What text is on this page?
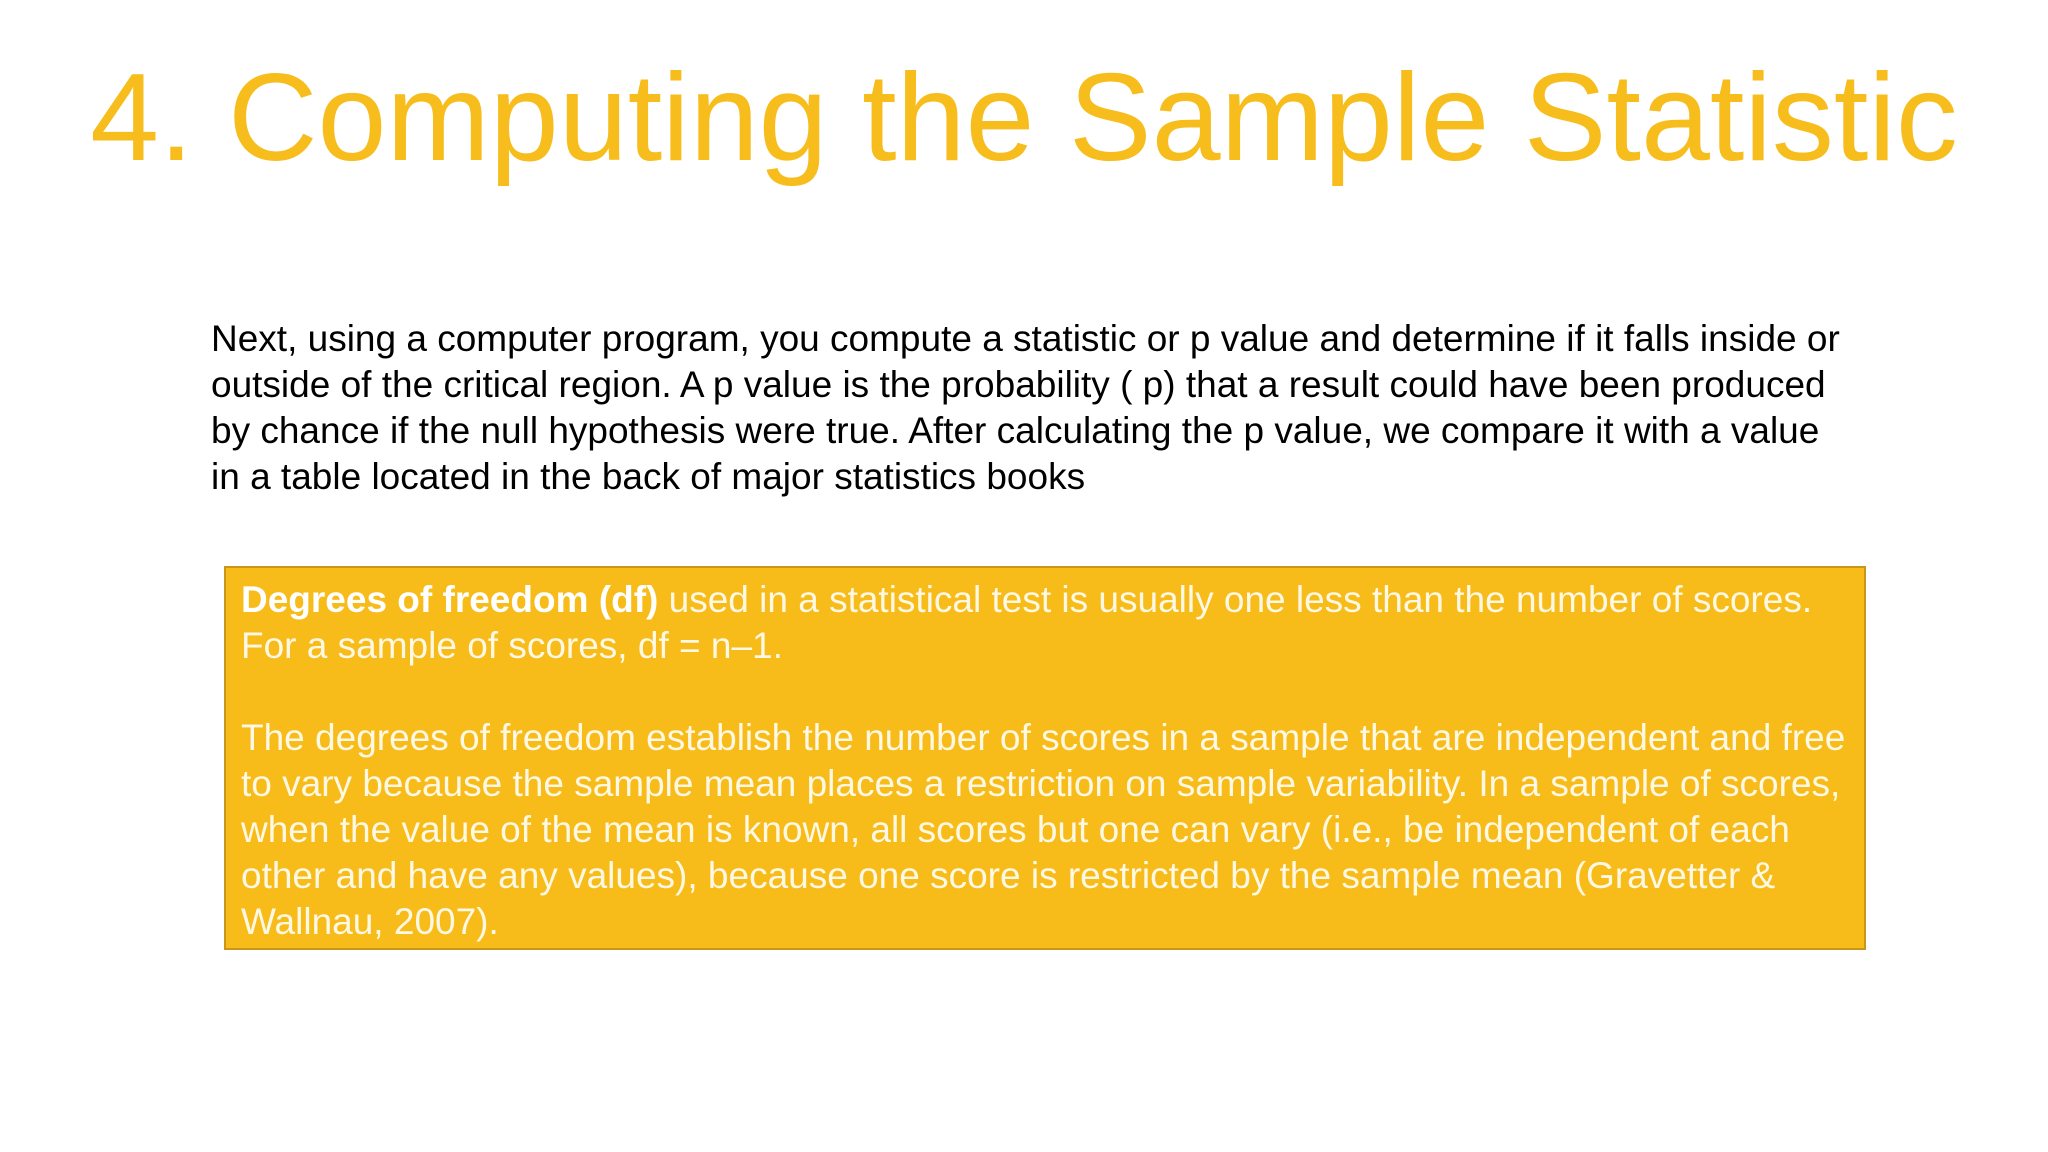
4. Computing the Sample Statistic

Next, using a computer program, you compute a statistic or p value and determine if it falls inside or outside of the critical region. A p value is the probability ( p) that a result could have been produced by chance if the null hypothesis were true. After calculating the p value, we compare it with a value in a table located in the back of major statistics books

Degrees of freedom (df) used in a statistical test is usually one less than the number of scores. For a sample of scores, df = n–1.

The degrees of freedom establish the number of scores in a sample that are independent and free to vary because the sample mean places a restriction on sample variability. In a sample of scores, when the value of the mean is known, all scores but one can vary (i.e., be independent of each other and have any values), because one score is restricted by the sample mean (Gravetter & Wallnau, 2007).
